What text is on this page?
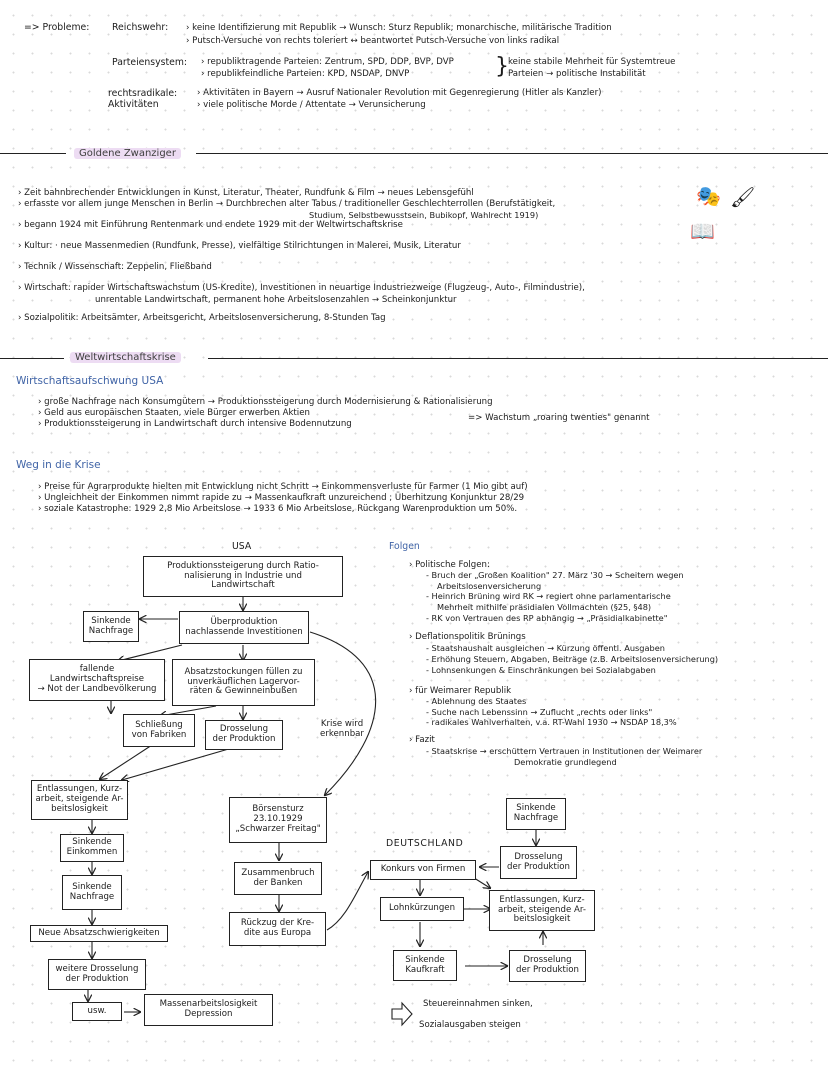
=> Probleme: Reichswehr: › keine Identifizierung mit Republik → Wunsch: Sturz Republik; monarchische, militärische Tradition
› Putsch-Versuche von rechts toleriert ↔ beantwortet Putsch-Versuche von links radikal
Parteiensystem: › republiktragende Parteien: Zentrum, SPD, DDP, BVP, DVP
› republikfeindliche Parteien: KPD, NSDAP, DNVP	} keine stabile Mehrheit für Systemtreue
Parteien → politische Instabilität
rechtsradikale:
Aktivitäten
› Aktivitäten in Bayern → Ausruf Nationaler Revolution mit Gegenregierung (Hitler als Kanzler)
› viele politische Morde / Attentate → Verunsicherung
Goldene Zwanziger
› Zeit bahnbrechender Entwicklungen in Kunst, Literatur, Theater, Rundfunk & Film → neues Lebensgefühl
› erfasste vor allem junge Menschen in Berlin → Durchbrechen alter Tabus / traditioneller Geschlechterrollen (Berufstätigkeit,
Studium, Selbstbewusstsein, Bubikopf, Wahlrecht 1919)
› begann 1924 mit Einführung Rentenmark und endete 1929 mit der Weltwirtschaftskrise
🎭 🖌
📖
› Kultur: · neue Massenmedien (Rundfunk, Presse), vielfältige Stilrichtungen in Malerei, Musik, Literatur
› Technik / Wissenschaft: Zeppelin, Fließband
› Wirtschaft: rapider Wirtschaftswachstum (US-Kredite), Investitionen in neuartige Industriezweige (Flugzeug-, Auto-, Filmindustrie),
unrentable Landwirtschaft, permanent hohe Arbeitslosenzahlen → Scheinkonjunktur
› Sozialpolitik: Arbeitsämter, Arbeitsgericht, Arbeitslosenversicherung, 8-Stunden Tag
Weltwirtschaftskrise
Wirtschaftsaufschwung USA
› große Nachfrage nach Konsumgütern → Produktionssteigerung durch Modernisierung & Rationalisierung
› Geld aus europäischen Staaten, viele Bürger erwerben Aktien
› Produktionssteigerung in Landwirtschaft durch intensive Bodennutzung
=> Wachstum „roaring twenties" genannt
Weg in die Krise
› Preise für Agrarprodukte hielten mit Entwicklung nicht Schritt → Einkommensverluste für Farmer (1 Mio gibt auf)
› Ungleichheit der Einkommen nimmt rapide zu → Massenkaufkraft unzureichend ; Überhitzung Konjunktur 28/29
› soziale Katastrophe: 1929 2,8 Mio Arbeitslose → 1933 6 Mio Arbeitslose, Rückgang Warenproduktion um 50%.
USA
Produktionssteigerung durch Ratio-
nalisierung in Industrie und
Landwirtschaft
Sinkende
Nachfrage
Überproduktion
nachlassende Investitionen
fallende
Landwirtschaftspreise
→ Not der Landbevölkerung
Absatzstockungen füllen zu
unverkäuflichen Lagervor-
räten & Gewinneinbußen
Schließung
von Fabriken
Drosselung
der Produktion
Krise wird
erkennbar
Entlassungen, Kurz-
arbeit, steigende Ar-
beitslosigkeit
Sinkende
Einkommen
Sinkende
Nachfrage
Neue Absatzschwierigkeiten
weitere Drosselung
der Produktion
usw.
Massenarbeitslosigkeit
Depression
Börsensturz
23.10.1929
„Schwarzer Freitag"
Zusammenbruch
der Banken
Rückzug der Kre-
dite aus Europa
Folgen
› Politische Folgen:
- Bruch der „Großen Koalition" 27. März '30 → Scheitern wegen
Arbeitslosenversicherung
- Heinrich Brüning wird RK → regiert ohne parlamentarische
Mehrheit mithilfe präsidialen Vollmachten (§25, §48)
- RK von Vertrauen des RP abhängig → „Präsidialkabinette"
› Deflationspolitik Brünings
- Staatshaushalt ausgleichen → Kürzung öffentl. Ausgaben
- Erhöhung Steuern, Abgaben, Beiträge (z.B. Arbeitslosenversicherung)
- Lohnsenkungen & Einschränkungen bei Sozialabgaben
› für Weimarer Republik
- Ablehnung des Staates
- Suche nach Lebenssinn → Zuflucht „rechts oder links"
- radikales Wahlverhalten, v.a. RT-Wahl 1930 → NSDAP 18,3%
› Fazit
- Staatskrise → erschüttern Vertrauen in Institutionen der Weimarer
Demokratie grundlegend
DEUTSCHLAND
Sinkende
Nachfrage
Konkurs von Firmen
Drosselung
der Produktion
Lohnkürzungen
Entlassungen, Kurz-
arbeit, steigende Ar-
beitslosigkeit
Sinkende
Kaufkraft
Drosselung
der Produktion
Steuereinnahmen sinken,
Sozialausgaben steigen
